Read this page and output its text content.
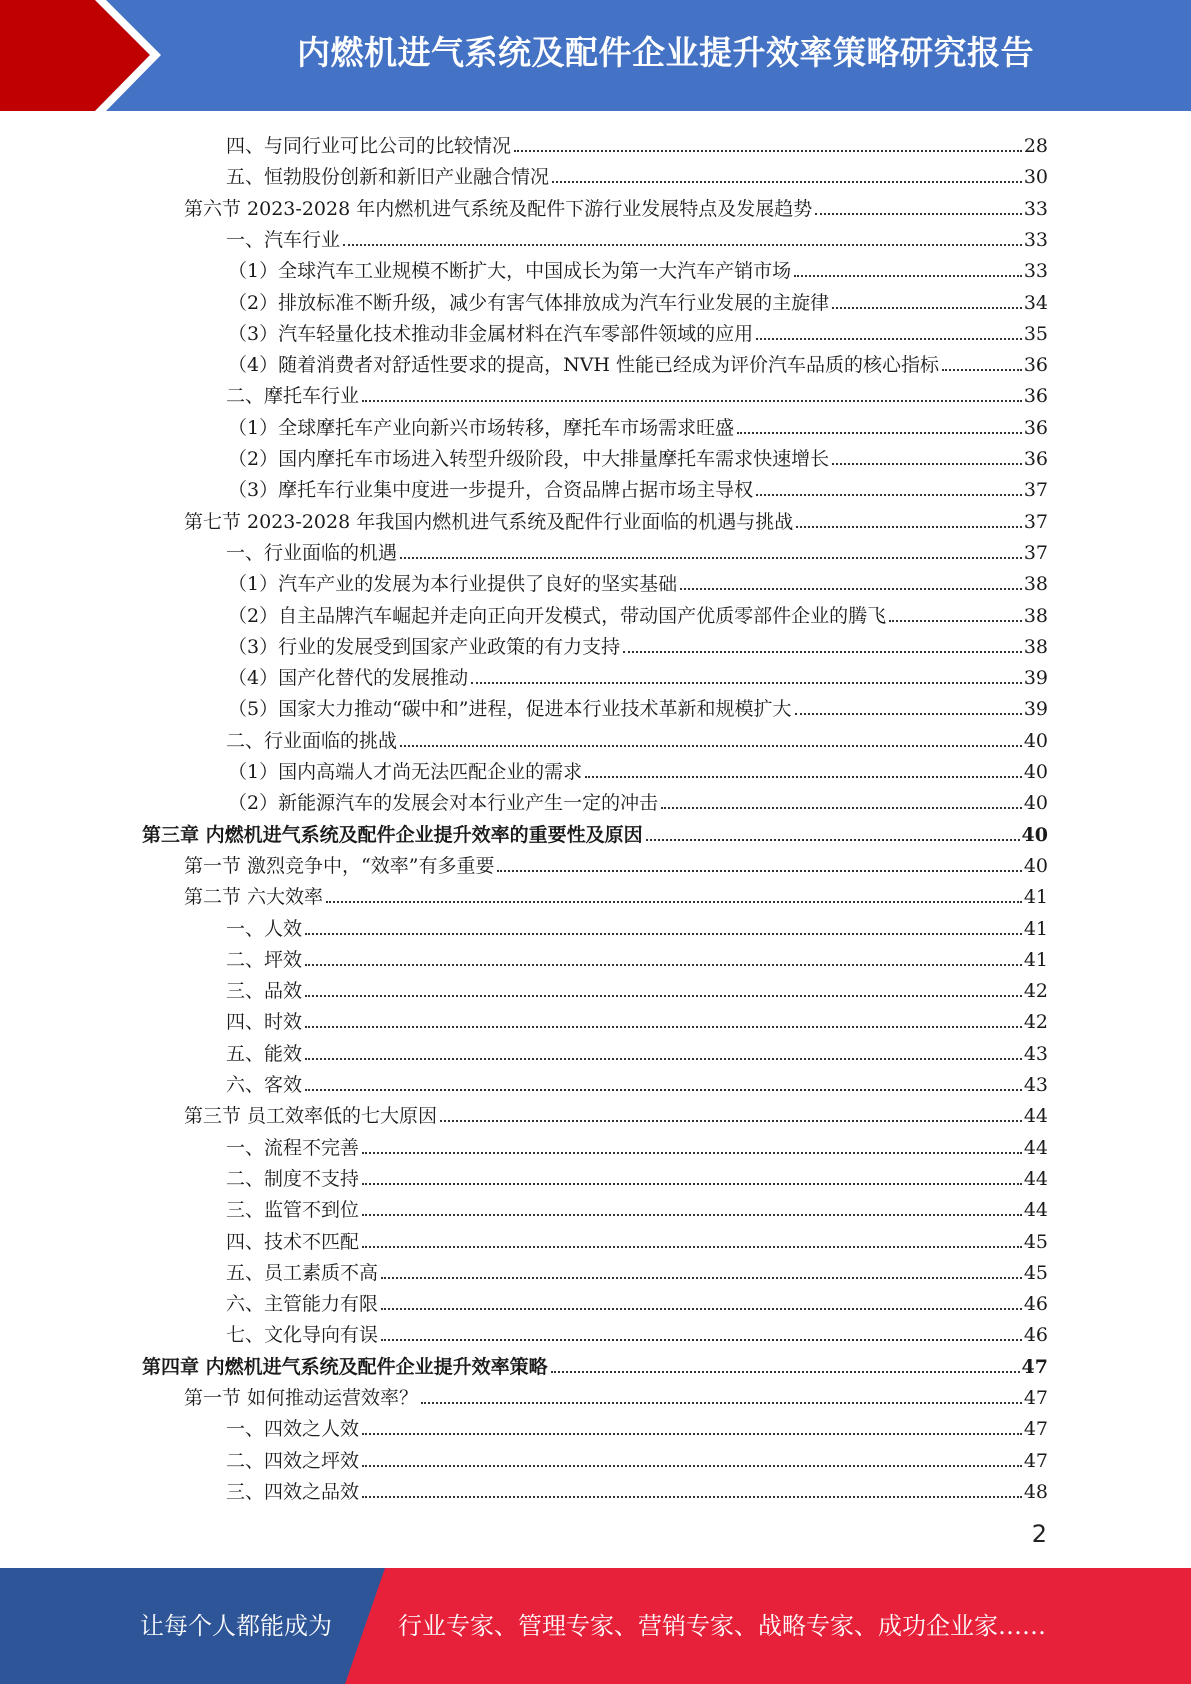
内燃机进气系统及配件企业提升效率策略研究报告
四、与同行业可比公司的比较情况	28
五、恒勃股份创新和新旧产业融合情况	30
第六节 2023-2028 年内燃机进气系统及配件下游行业发展特点及发展趋势	33
一、汽车行业	33
（1）全球汽车工业规模不断扩大，中国成长为第一大汽车产销市场	33
（2）排放标准不断升级，减少有害气体排放成为汽车行业发展的主旋律	34
（3）汽车轻量化技术推动非金属材料在汽车零部件领域的应用	35
（4）随着消费者对舒适性要求的提高，NVH 性能已经成为评价汽车品质的核心指标	36
二、摩托车行业	36
（1）全球摩托车产业向新兴市场转移，摩托车市场需求旺盛	36
（2）国内摩托车市场进入转型升级阶段，中大排量摩托车需求快速增长	36
（3）摩托车行业集中度进一步提升，合资品牌占据市场主导权	37
第七节 2023-2028 年我国内燃机进气系统及配件行业面临的机遇与挑战	37
一、行业面临的机遇	37
（1）汽车产业的发展为本行业提供了良好的坚实基础	38
（2）自主品牌汽车崛起并走向正向开发模式，带动国产优质零部件企业的腾飞	38
（3）行业的发展受到国家产业政策的有力支持	38
（4）国产化替代的发展推动	39
（5）国家大力推动“碳中和”进程，促进本行业技术革新和规模扩大	39
二、行业面临的挑战	40
（1）国内高端人才尚无法匹配企业的需求	40
（2）新能源汽车的发展会对本行业产生一定的冲击	40
第三章 内燃机进气系统及配件企业提升效率的重要性及原因	40
第一节 激烈竞争中，“效率”有多重要	40
第二节 六大效率	41
一、人效	41
二、坪效	41
三、品效	42
四、时效	42
五、能效	43
六、客效	43
第三节 员工效率低的七大原因	44
一、流程不完善	44
二、制度不支持	44
三、监管不到位	44
四、技术不匹配	45
五、员工素质不高	45
六、主管能力有限	46
七、文化导向有误	46
第四章 内燃机进气系统及配件企业提升效率策略	47
第一节 如何推动运营效率？	47
一、四效之人效	47
二、四效之坪效	47
三、四效之品效	48
2
让每个人都能成为	行业专家、管理专家、营销专家、战略专家、成功企业家……
